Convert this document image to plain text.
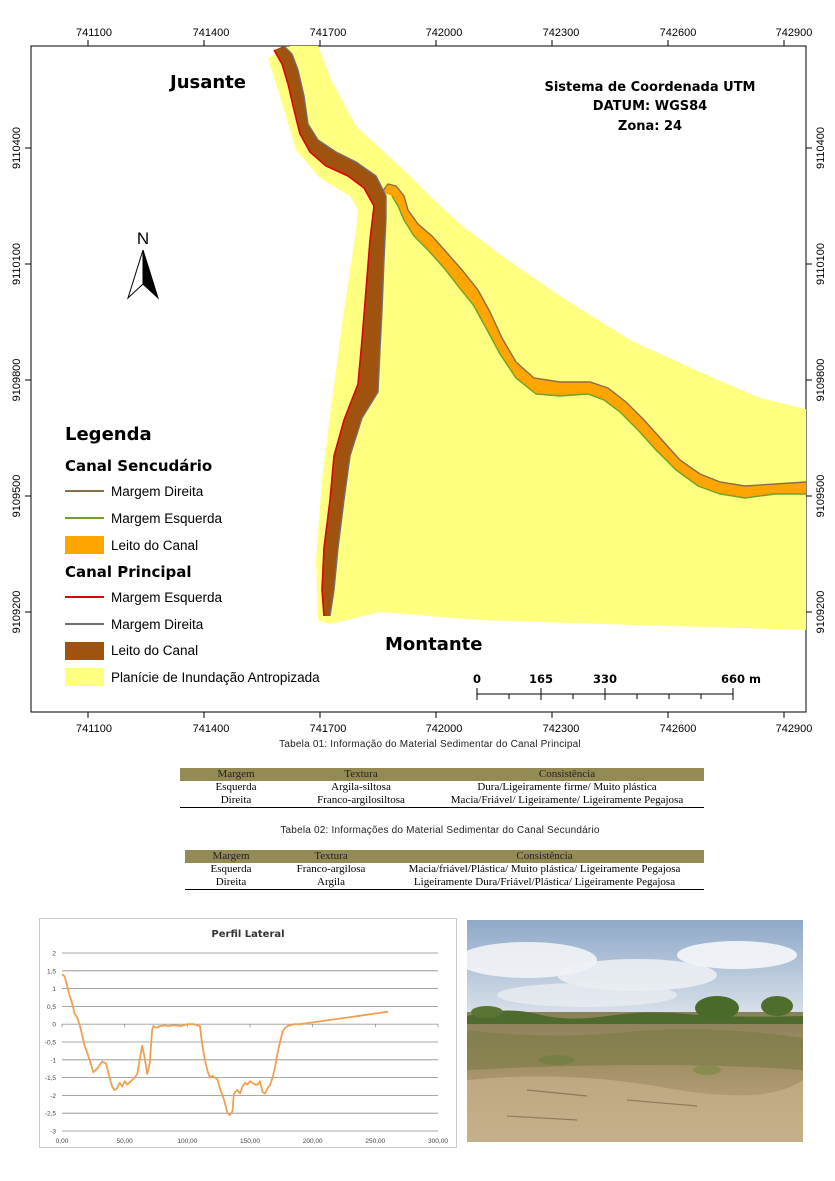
741100	741400	741700	742000	742300	742600	742900
741100	741400	741700	742000	742300	742600	742900
9110400
9110100
9109800
9109500
9109200
9110400
9110100
9109800
9109500
9109200
Jusante
Montante
Sistema de Coordenada UTM
DATUM: WGS84
Zona: 24
N
Legenda
Canal Sencudário
Margem Direita
Margem Esquerda
Leito do Canal
Canal Principal
Margem Esquerda
Margem Direita
Leito do Canal
Planície de Inundação Antropizada	0	165	330	660 m
Tabela 01: Informação do Material Sedimentar do Canal Principal
Margem	Textura	Consistência
Esquerda	Argila-siltosa	Dura/Ligeiramente firme/ Muito plástica
Direita	Franco-argilosiltosa	Macia/Friável/ Ligeiramente/ Ligeiramente Pegajosa
Tabela 02: Informações do Material Sedimentar do Canal Secundário
Margem	Textura	Consistência
Esquerda	Franco-argilosa	Macia/friável/Plástica/ Muito plástica/ Ligeiramente Pegajosa
Direita	Argila	Ligeiramente Dura/Friável/Plástica/ Ligeiramente Pegajosa
Perfil Lateral
2
1,5
1
0,5
0
-0,5
-1
-1,5
-2
-2,5
-3
0,00	50,00	100,00	150,00	200,00	250,00	300,00
